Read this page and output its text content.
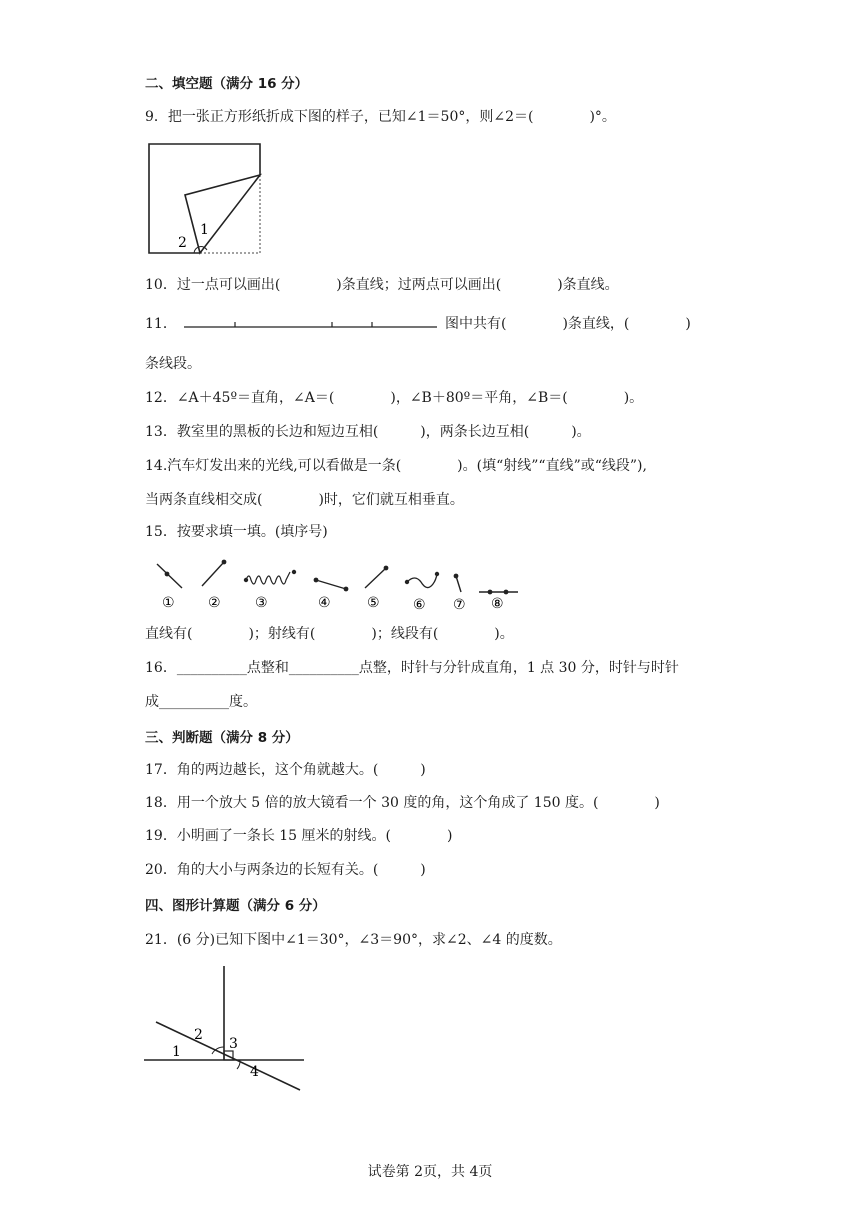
二、填空题（满分 16 分）
9．把一张正方形纸折成下图的样子，已知∠1＝50°，则∠2＝(　　　　)°。
1
2
10．过一点可以画出(　　　　)条直线；过两点可以画出(　　　　)条直线。
11．	图中共有(　　　　)条直线，(　　　　)
条线段。
12．∠A＋45º＝直角，∠A＝(　　　　)，∠B＋80º＝平角，∠B＝(　　　　)。
13．教室里的黑板的长边和短边互相(　　　)，两条长边互相(　　　)。
14.汽车灯发出来的光线,可以看做是一条(　　　　)。(填“射线”“直线”或“线段”),
当两条直线相交成(　　　　)时，它们就互相垂直。
15．按要求填一填。(填序号)
① ② ③	④	⑤ ⑥ ⑦ ⑧
直线有(　　　　)；射线有(　　　　)；线段有(　　　　)。
16．__________点整和__________点整，时针与分针成直角，1 点 30 分，时针与时针
成__________度。
三、判断题（满分 8 分）
17．角的两边越长，这个角就越大。(　　　)
18．用一个放大 5 倍的放大镜看一个 30 度的角，这个角成了 150 度。(　　　　)
19．小明画了一条长 15 厘米的射线。(　　　　)
20．角的大小与两条边的长短有关。(　　　)
四、图形计算题（满分 6 分）
21．(6 分)已知下图中∠1＝30°，∠3＝90°，求∠2、∠4 的度数。
1
2
3
4
试卷第 2页，共 4页
